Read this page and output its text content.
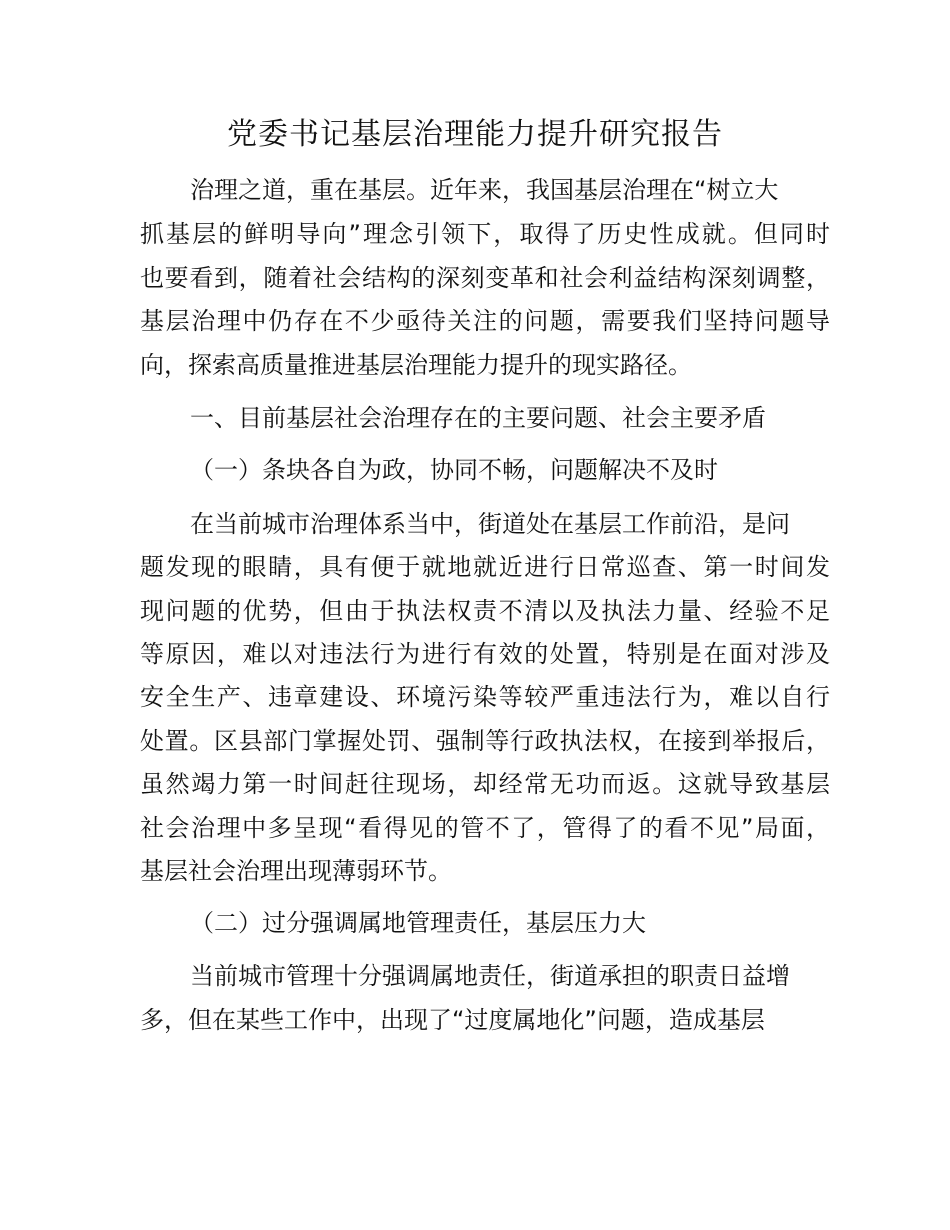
党委书记基层治理能力提升研究报告

治理之道，重在基层。近年来，我国基层治理在“树立大

抓基层的鲜明导向”理念引领下，取得了历史性成就。但同时

也要看到，随着社会结构的深刻变革和社会利益结构深刻调整，

基层治理中仍存在不少亟待关注的问题，需要我们坚持问题导

向，探索高质量推进基层治理能力提升的现实路径。

一、目前基层社会治理存在的主要问题、社会主要矛盾

（一）条块各自为政，协同不畅，问题解决不及时

在当前城市治理体系当中，街道处在基层工作前沿，是问

题发现的眼睛，具有便于就地就近进行日常巡查、第一时间发

现问题的优势，但由于执法权责不清以及执法力量、经验不足

等原因，难以对违法行为进行有效的处置，特别是在面对涉及

安全生产、违章建设、环境污染等较严重违法行为，难以自行

处置。区县部门掌握处罚、强制等行政执法权，在接到举报后，

虽然竭力第一时间赶往现场，却经常无功而返。这就导致基层

社会治理中多呈现“看得见的管不了，管得了的看不见”局面，

基层社会治理出现薄弱环节。

（二）过分强调属地管理责任，基层压力大

当前城市管理十分强调属地责任，街道承担的职责日益增

多，但在某些工作中，出现了“过度属地化”问题，造成基层
